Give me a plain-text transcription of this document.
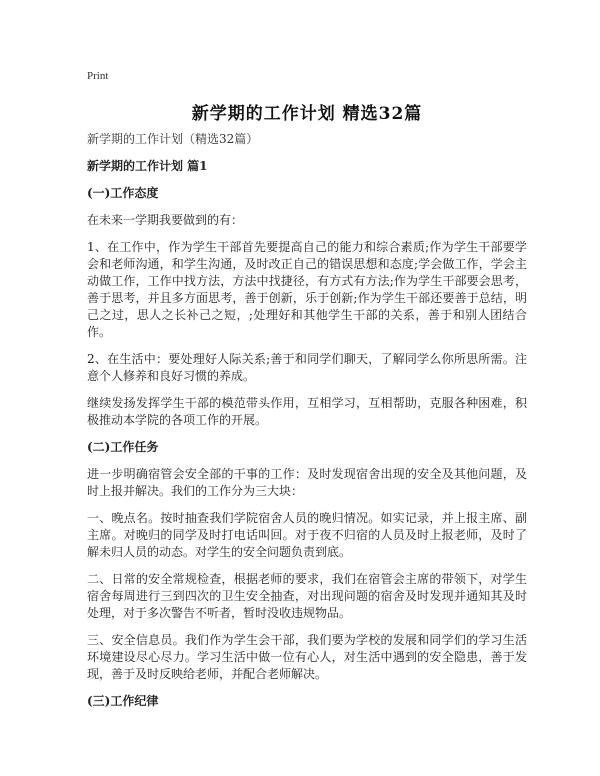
Print
新学期的工作计划 精选32篇

新学期的工作计划（精选32篇）

新学期的工作计划 篇1

(一)工作态度

在未来一学期我要做到的有：

1、在工作中，作为学生干部首先要提高自己的能力和综合素质;作为学生干部要学会和老师沟通，和学生沟通，及时改正自己的错误思想和态度;学会做工作，学会主动做工作，工作中找方法，方法中找捷径，有方式有方法;作为学生干部要会思考，善于思考，并且多方面思考，善于创新，乐于创新;作为学生干部还要善于总结，明己之过，思人之长补己之短，;处理好和其他学生干部的关系，善于和别人团结合作。

2、在生活中：要处理好人际关系;善于和同学们聊天，了解同学么你所思所需。注意个人修养和良好习惯的养成。

继续发扬发挥学生干部的模范带头作用，互相学习，互相帮助，克服各种困难，积极推动本学院的各项工作的开展。

(二)工作任务

进一步明确宿管会安全部的干事的工作：及时发现宿舍出现的安全及其他问题，及时上报并解决。我们的工作分为三大块：

一、晚点名。按时抽查我们学院宿舍人员的晚归情况。如实记录，并上报主席、副主席。对晚归的同学及时打电话叫回。对于夜不归宿的人员及时上报老师，及时了解未归人员的动态。对学生的安全问题负责到底。

二、日常的安全常规检查，根据老师的要求，我们在宿管会主席的带领下，对学生宿舍每周进行三到四次的卫生安全抽查，对出现问题的宿舍及时发现并通知其及时处理，对于多次警告不听者，暂时没收违规物品。

三、安全信息员。我们作为学生会干部，我们要为学校的发展和同学们的学习生活环境建设尽心尽力。学习生活中做一位有心人，对生活中遇到的安全隐患，善于发现，善于及时反映给老师，并配合老师解决。

(三)工作纪律
